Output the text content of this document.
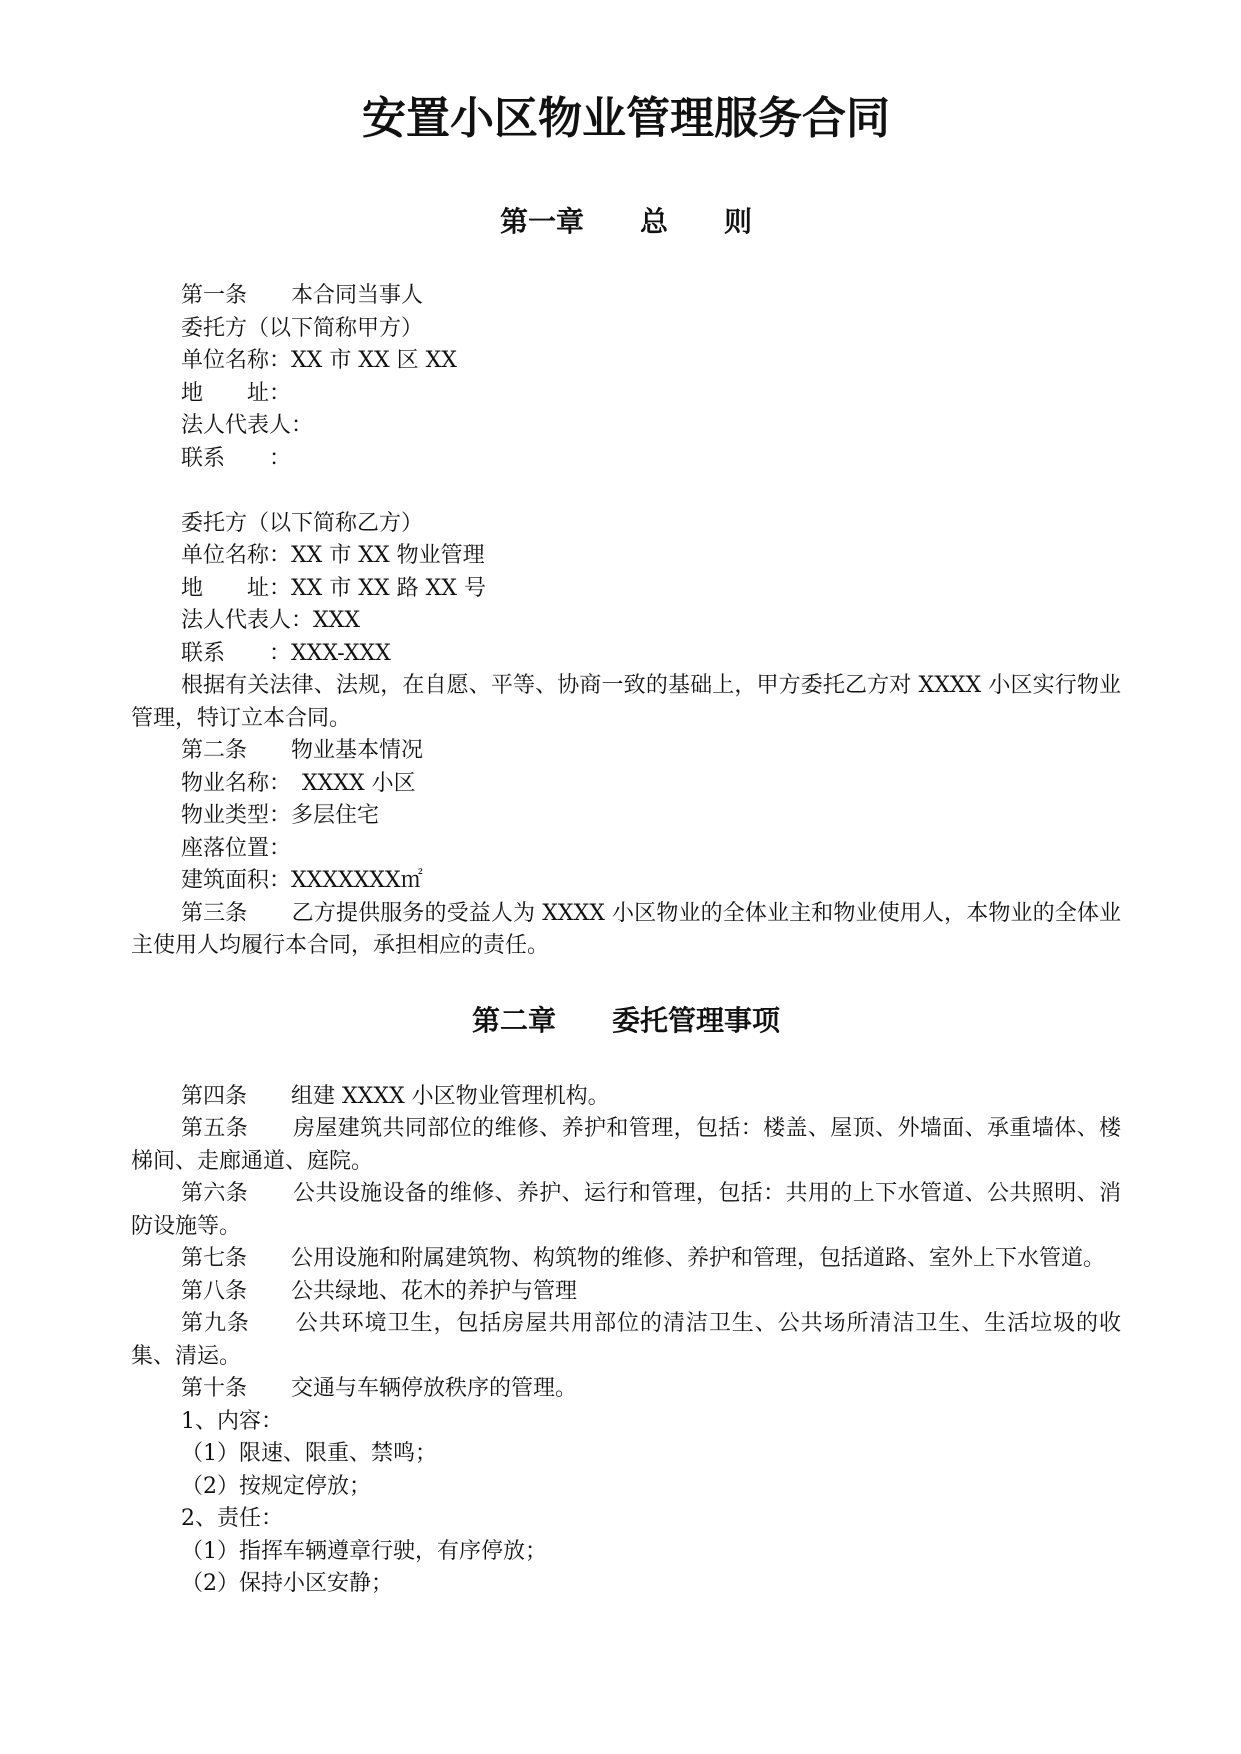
安置小区物业管理服务合同
第一章　　总　　则

第一条　　本合同当事人

委托方（以下简称甲方）

单位名称：XX 市 XX 区 XX

地　　址：

法人代表人：

联系　　：

委托方（以下简称乙方）

单位名称：XX 市 XX 物业管理

地　　址：XX 市 XX 路 XX 号

法人代表人：XXX

联系　　：XXX-XXX

根据有关法律、法规，在自愿、平等、协商一致的基础上，甲方委托乙方对 XXXX 小区实行物业管理，特订立本合同。

第二条　　物业基本情况

物业名称：　XXXX 小区

物业类型：多层住宅

座落位置：

建筑面积：XXXXXXX㎡

第三条　　乙方提供服务的受益人为 XXXX 小区物业的全体业主和物业使用人，本物业的全体业主使用人均履行本合同，承担相应的责任。

第二章　　委托管理事项

第四条　　组建 XXXX 小区物业管理机构。

第五条　　房屋建筑共同部位的维修、养护和管理，包括：楼盖、屋顶、外墙面、承重墙体、楼梯间、走廊通道、庭院。

第六条　　公共设施设备的维修、养护、运行和管理，包括：共用的上下水管道、公共照明、消防设施等。

第七条　　公用设施和附属建筑物、构筑物的维修、养护和管理，包括道路、室外上下水管道。

第八条　　公共绿地、花木的养护与管理

第九条　　公共环境卫生，包括房屋共用部位的清洁卫生、公共场所清洁卫生、生活垃圾的收集、清运。

第十条　　交通与车辆停放秩序的管理。

1、内容：

（1）限速、限重、禁鸣；

（2）按规定停放；

2、责任：

（1）指挥车辆遵章行驶，有序停放；

（2）保持小区安静；
